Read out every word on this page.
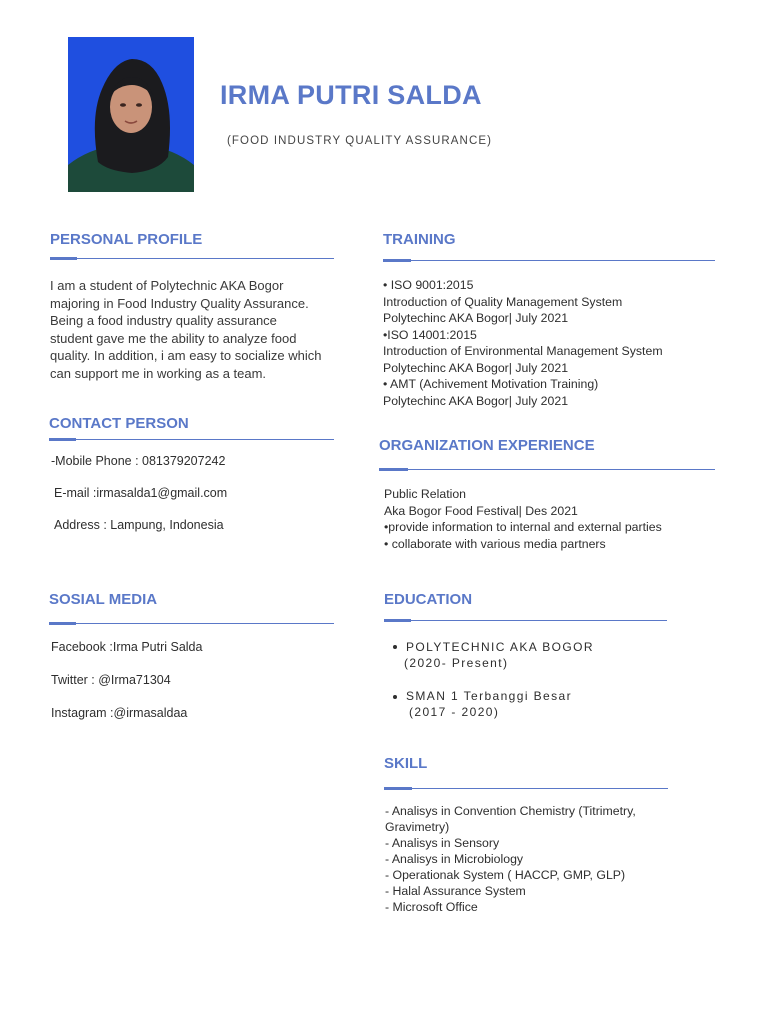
IRMA PUTRI SALDA
(FOOD INDUSTRY QUALITY ASSURANCE)
PERSONAL PROFILE
I am a student of Polytechnic AKA Bogor
majoring in Food Industry Quality Assurance.
Being a food industry quality assurance
student gave me the ability to analyze food
quality. In addition, i am easy to socialize which
can support me in working as a team.
CONTACT PERSON
-Mobile Phone : 081379207242
E-mail :irmasalda1@gmail.com
Address : Lampung, Indonesia
SOSIAL MEDIA
Facebook :Irma Putri Salda
Twitter : @Irma71304
Instagram :@irmasaldaa
TRAINING
• ISO 9001:2015
Introduction of Quality Management System
Polytechinc AKA Bogor| July 2021
•ISO 14001:2015
Introduction of Environmental Management System
Polytechinc AKA Bogor| July 2021
• AMT (Achivement Motivation Training)
Polytechinc AKA Bogor| July 2021
ORGANIZATION EXPERIENCE
Public Relation
Aka Bogor Food Festival| Des 2021
•provide information to internal and external parties
• collaborate with various media partners
EDUCATION
POLYTECHNIC AKA BOGOR
(2020- Present)
SMAN 1 Terbanggi Besar
(2017 - 2020)
SKILL
- Analisys in Convention Chemistry (Titrimetry,
Gravimetry)
- Analisys in Sensory
- Analisys in Microbiology
- Operationak System ( HACCP, GMP, GLP)
- Halal Assurance System
- Microsoft Office
